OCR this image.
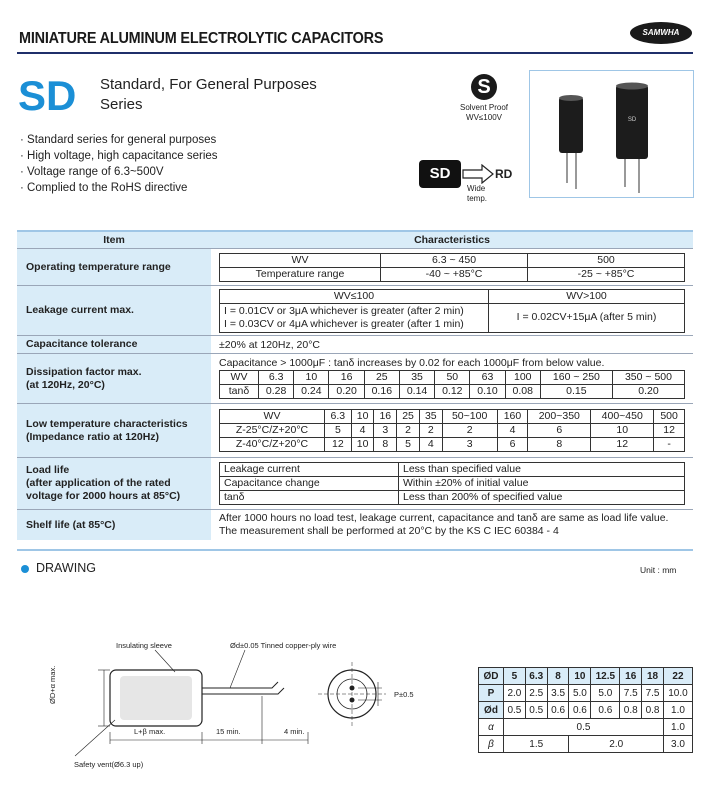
MINIATURE ALUMINUM ELECTROLYTIC CAPACITORS	SAMWHA
SD Standard, For General Purposes
Series
· Standard series for general purposes
· High voltage, high capacitance series
· Voltage range of 6.3~500V
· Complied to the RoHS directive
S
Solvent Proof
WV≤100V
SD	RD
Wide
temp.
SD
Item	Characteristics
Operating temperature range	
WV	6.3 ~ 450	500
Temperature range	-40 ~ +85°C	-25 ~ +85°C

Leakage current max.	
WV≤100	WV>100

I = 0.01CV or 3μA whichever is greater (after 2 min)
I = 0.03CV or 4μA whichever is greater (after 1 min)
	I = 0.02CV+15μA (after 5 min)

Capacitance tolerance	±20% at 120Hz, 20°C

Dissipation factor max.
(at 120Hz, 20°C)

Capacitance > 1000μF : tanδ increases by 0.02 for each 1000μF from below value.
WV	6.3	10	16	25	35	50	63	100	160 ~ 250	350 ~ 500
tanδ	0.28	0.24	0.20	0.16	0.14	0.12	0.10	0.08	0.15	0.20

Low temperature characteristics
(Impedance ratio at 120Hz)

WV	6.3	10	16	25	35	50~100	160	200~350	400~450	500
Z-25°C/Z+20°C	5	4	3	2	2	2	4	6	10	12
Z-40°C/Z+20°C	12	10	8	5	4	3	6	8	12	-

Load life
(after application of the rated
voltage for 2000 hours at 85°C)

Leakage current	Less than specified value
Capacitance change	Within ±20% of initial value
tanδ	Less than 200% of specified value

Shelf life (at 85°C)	
After 1000 hours no load test, leakage current, capacitance and tanδ are same as load life value.
The measurement shall be performed at 20°C by the KS C IEC 60384 - 4
DRAWING	Unit : mm
Insulating sleeve	Ød±0.05 Tinned copper-ply wire
ØD+α max.
L+β max.	15 min.	4 min.
Safety vent(Ø6.3 up)
P±0.5
ØD	5	6.3	8	10	12.5	16	18	22
P	2.0	2.5	3.5	5.0	5.0	7.5	7.5	10.0
Ød	0.5	0.5	0.6	0.6	0.6	0.8	0.8	1.0
α	0.5							1.0
β	1.5			2.0				3.0
